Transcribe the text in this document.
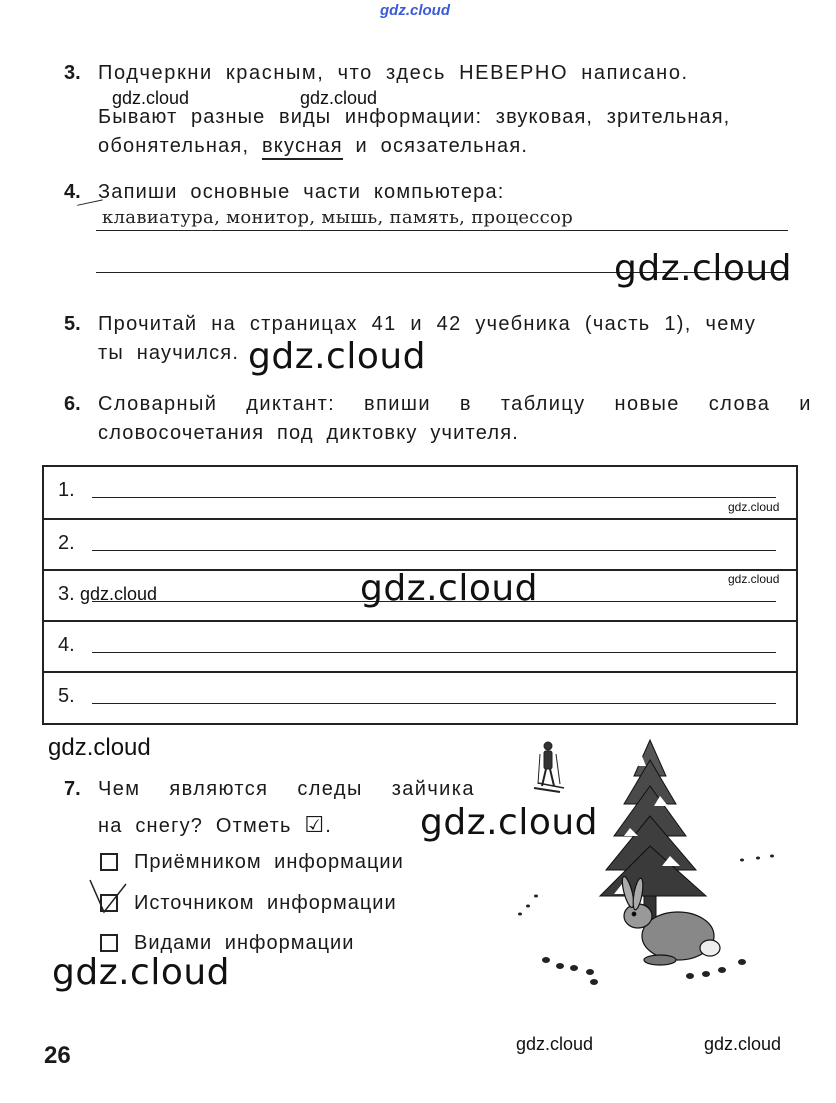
gdz.cloud
3. Подчеркни красным, что здесь НЕВЕРНО написано.
gdz.cloud	gdz.cloud
Бывают разные виды информации: звуковая, зрительная,
обонятельная, вкусная и осязательная.
4. Запиши основные части компьютера:
клавиатура, монитор, мышь, память, процессор
gdz.cloud
5. Прочитай на страницах 41 и 42 учебника (часть 1), чему
ты научился. gdz.cloud
6. Словарный диктант: впиши в таблицу новые слова и
словосочетания под диктовку учителя.
1.
2.
3.
4.
5.
gdz.cloud
gdz.cloud
gdz.cloud	gdz.cloud
gdz.cloud
7. Чем являются следы зайчика
на снегу? Отметь ☑. gdz.cloud
Приёмником информации
Источником информации
Видами информации
gdz.cloud
26	gdz.cloud	gdz.cloud
